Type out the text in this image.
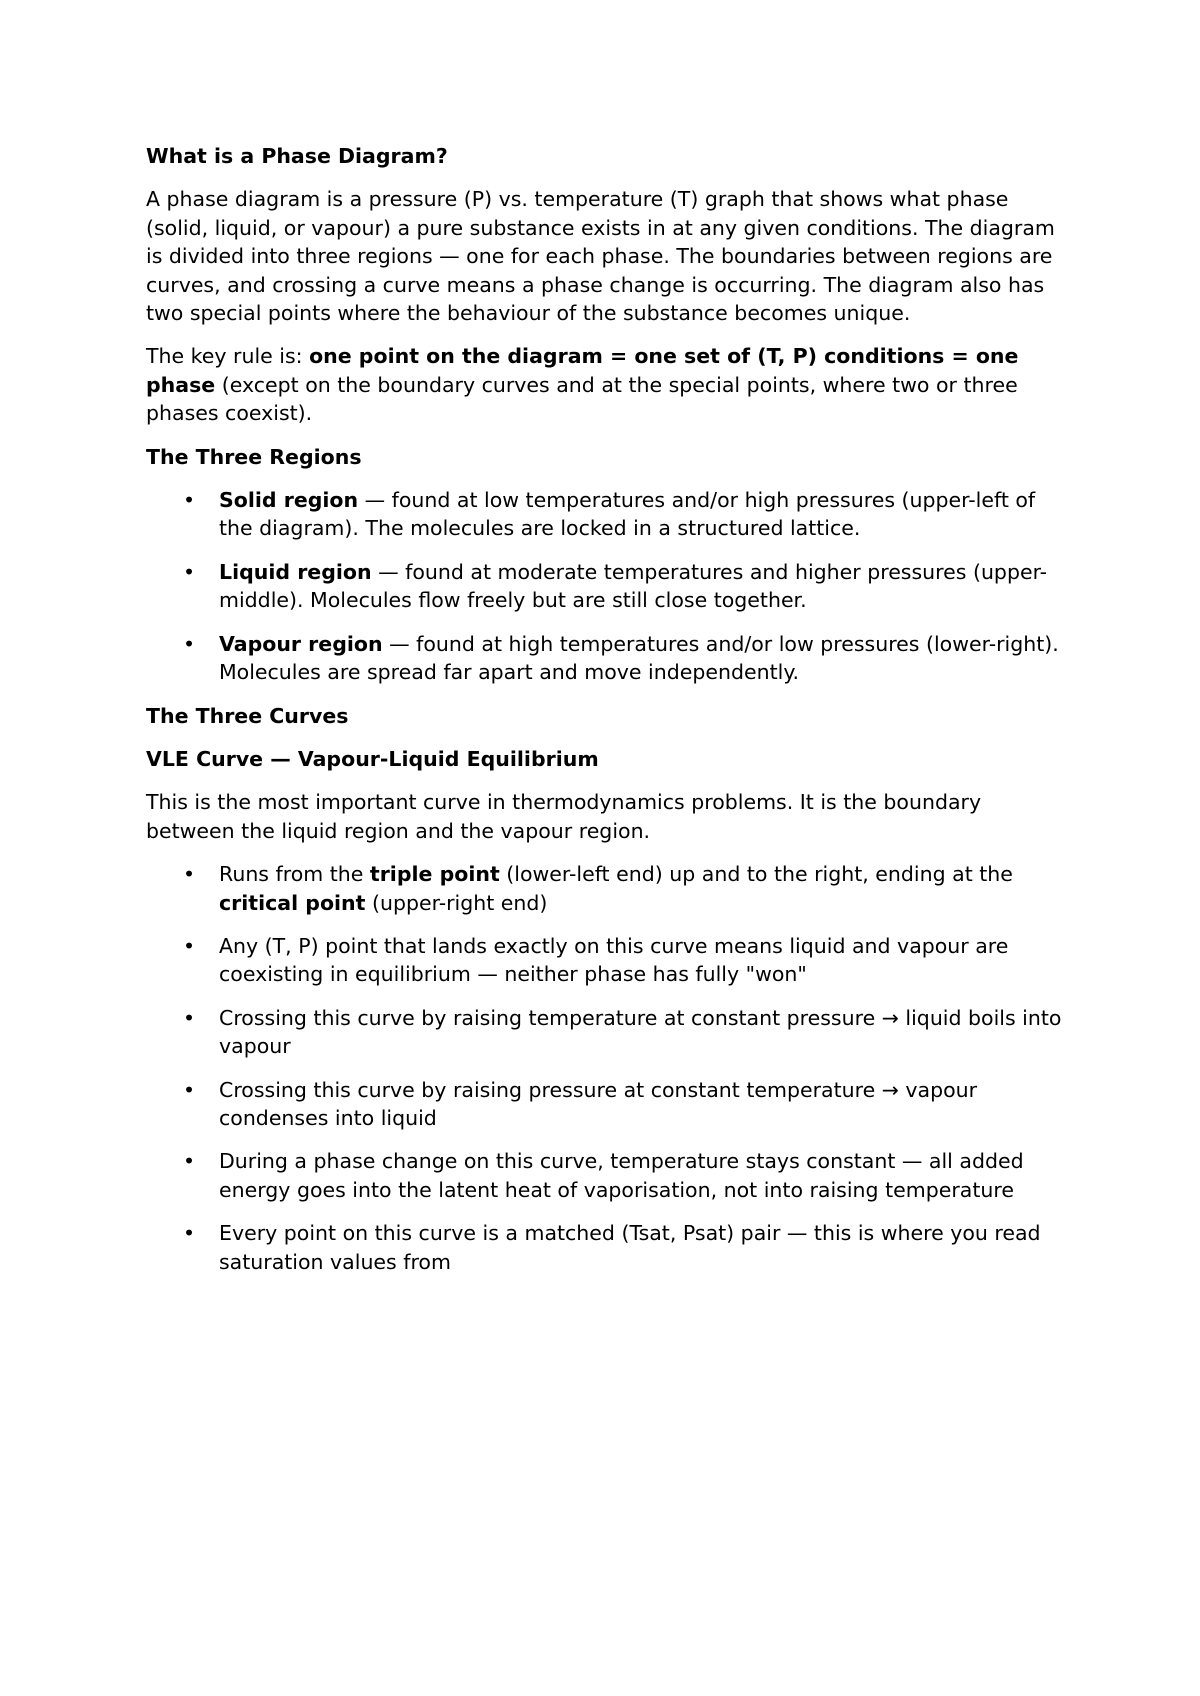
What is a Phase Diagram?

A phase diagram is a pressure (P) vs. temperature (T) graph that shows what phase (solid, liquid, or vapour) a pure substance exists in at any given conditions. The diagram is divided into three regions — one for each phase. The boundaries between regions are curves, and crossing a curve means a phase change is occurring. The diagram also has two special points where the behaviour of the substance becomes unique.

The key rule is: one point on the diagram = one set of (T, P) conditions = one phase (except on the boundary curves and at the special points, where two or three phases coexist).

The Three Regions
• Solid region — found at low temperatures and/or high pressures (upper-left of the diagram). The molecules are locked in a structured lattice.
• Liquid region — found at moderate temperatures and higher pressures (upper-middle). Molecules flow freely but are still close together.
• Vapour region — found at high temperatures and/or low pressures (lower-right). Molecules are spread far apart and move independently.
The Three Curves
VLE Curve — Vapour-Liquid Equilibrium

This is the most important curve in thermodynamics problems. It is the boundary between the liquid region and the vapour region.

• Runs from the triple point (lower-left end) up and to the right, ending at the critical point (upper-right end)
• Any (T, P) point that lands exactly on this curve means liquid and vapour are coexisting in equilibrium — neither phase has fully "won"
• Crossing this curve by raising temperature at constant pressure → liquid boils into vapour
• Crossing this curve by raising pressure at constant temperature → vapour condenses into liquid
• During a phase change on this curve, temperature stays constant — all added energy goes into the latent heat of vaporisation, not into raising temperature
• Every point on this curve is a matched (Tsat, Psat) pair — this is where you read saturation values from
